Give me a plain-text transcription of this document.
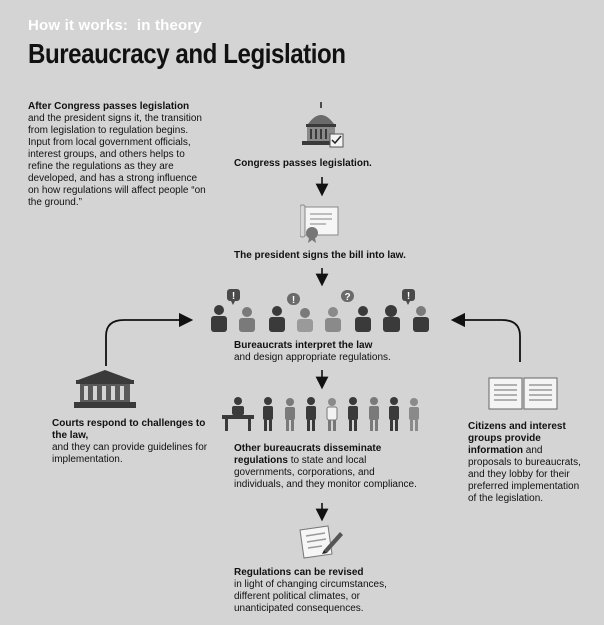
How it works: in theory
Bureaucracy and Legislation
After Congress passes legislation and the president signs it, the transition from legislation to regulation begins. Input from local government officials, interest groups, and others helps to refine the regulations as they are developed, and has a strong influence on how regulations will affect people “on the ground.”
Congress passes legislation.
The president signs the bill into law.
!	!	?	!
Bureaucrats interpret the law
and design appropriate regulations.
Courts respond to challenges to the law,
and they can provide guidelines for implementation.
Citizens and interest groups provide information and proposals to bureaucrats, and they lobby for their preferred implementation of the legislation.
Other bureaucrats disseminate regulations to state and local governments, corporations, and individuals, and they monitor compliance.
Regulations can be revised
in light of changing circumstances, different political climates, or unanticipated consequences.
